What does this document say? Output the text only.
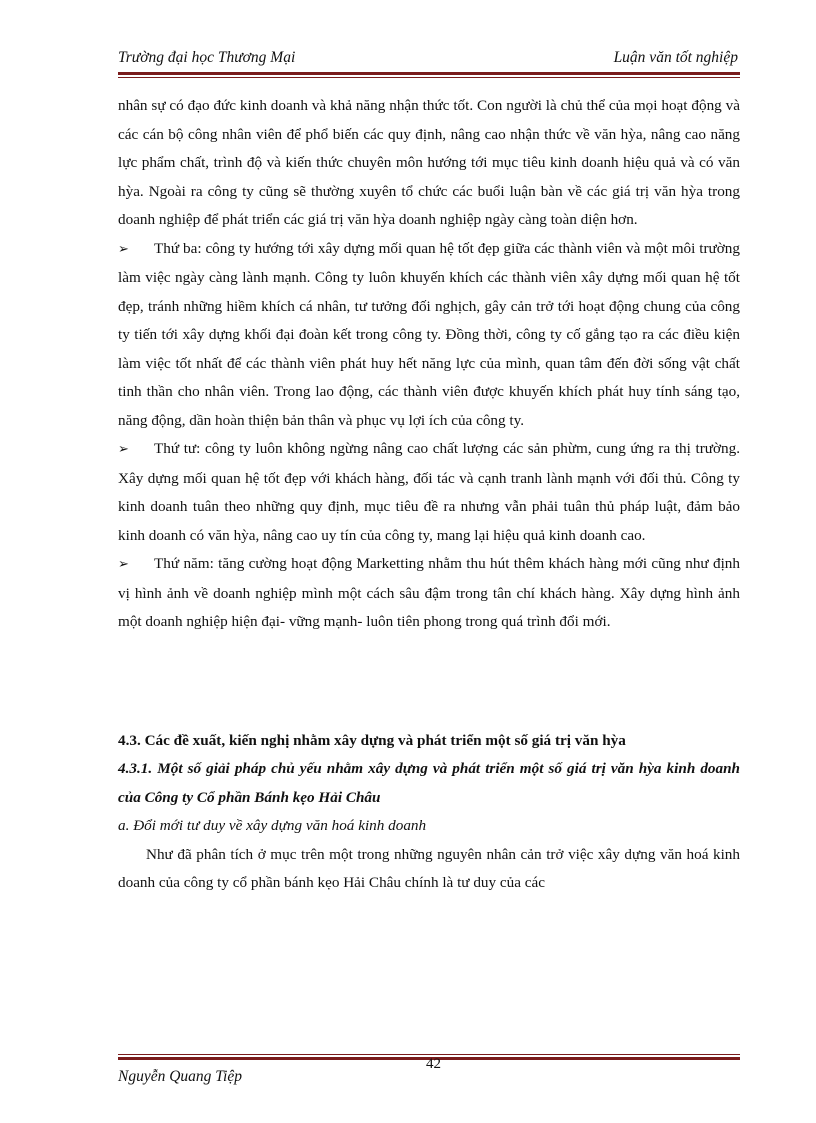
Trường đại học Thương Mại	Luận văn tốt nghiệp

nhân sự có đạo đức kinh doanh và khả năng nhận thức tốt. Con người là chủ thể của mọi hoạt động và các cán bộ công nhân viên để phổ biến các quy định, nâng cao nhận thức về văn hỳa, nâng cao năng lực phẩm chất, trình độ và kiến thức chuyên môn hướng tới mục tiêu kinh doanh hiệu quả và có văn hỳa. Ngoài ra công ty cũng sẽ thường xuyên tổ chức các buổi luận bàn về các giá trị văn hỳa trong doanh nghiệp để phát triển các giá trị văn hỳa doanh nghiệp ngày càng toàn diện hơn.

➢ Thứ ba: công ty hướng tới xây dựng mối quan hệ tốt đẹp giữa các thành viên và một môi trường làm việc ngày càng lành mạnh. Công ty luôn khuyến khích các thành viên xây dựng mối quan hệ tốt đẹp, tránh những hiềm khích cá nhân, tư tưởng đối nghịch, gây cản trở tới hoạt động chung của công ty tiến tới xây dựng khối đại đoàn kết trong công ty. Đồng thời, công ty cố gắng tạo ra các điều kiện làm việc tốt nhất để các thành viên phát huy hết năng lực của mình, quan tâm đến đời sống vật chất tinh thần cho nhân viên. Trong lao động, các thành viên được khuyến khích phát huy tính sáng tạo, năng động, dần hoàn thiện bản thân và phục vụ lợi ích của công ty.

➢ Thứ tư: công ty luôn không ngừng nâng cao chất lượng các sản phừm, cung ứng ra thị trường. Xây dựng mối quan hệ tốt đẹp với khách hàng, đối tác và cạnh tranh lành mạnh với đối thủ. Công ty kinh doanh tuân theo những quy định, mục tiêu đề ra nhưng vẫn phải tuân thủ pháp luật, đảm bảo kinh doanh có văn hỳa, nâng cao uy tín của công ty, mang lại hiệu quả kinh doanh cao.

➢ Thứ năm: tăng cường hoạt động Marketting nhằm thu hút thêm khách hàng mới cũng như định vị hình ảnh về doanh nghiệp mình một cách sâu đậm trong tân chí khách hàng. Xây dựng hình ảnh một doanh nghiệp hiện đại- vững mạnh- luôn tiên phong trong quá trình đổi mới.

4.3. Các đề xuất, kiến nghị nhằm xây dựng và phát triển một số giá trị văn hỳa

4.3.1. Một số giải pháp chủ yếu nhằm xây dựng và phát triển một số giá trị văn hỳa kinh doanh của Công ty Cổ phần Bánh kẹo Hải Châu

a. Đổi mới tư duy về xây dựng văn hoá kinh doanh

Như đã phân tích ở mục trên một trong những nguyên nhân cản trở việc xây dựng văn hoá kinh doanh của công ty cổ phần bánh kẹo Hải Châu chính là tư duy của các

42
Nguyễn Quang Tiệp
